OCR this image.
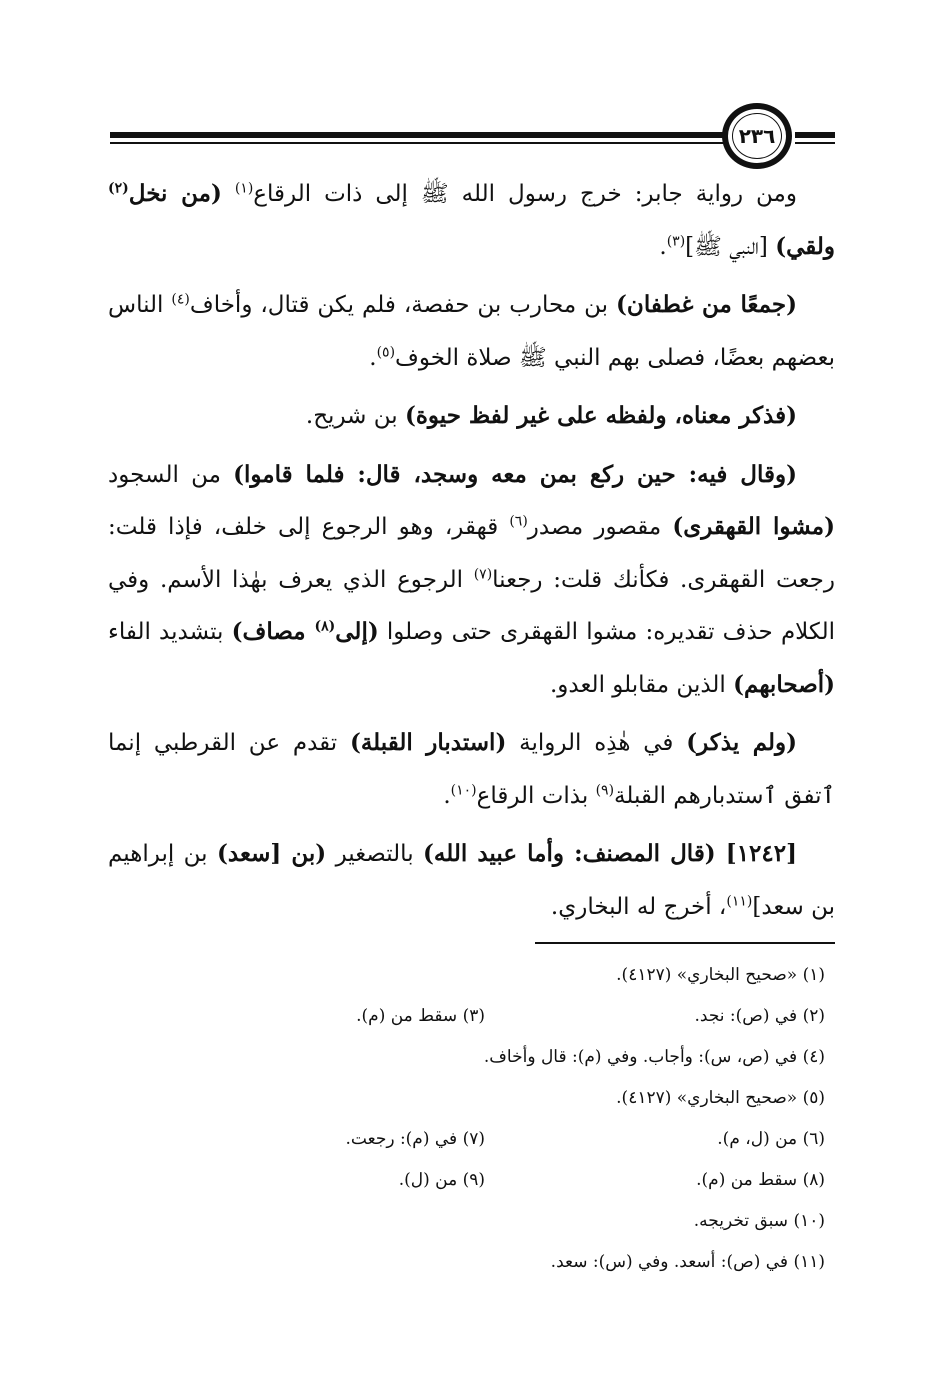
٢٣٦

ومن رواية جابر: خرج رسول الله ﷺ إلى ذات الرقاع$^{(١)}$ (من نخل$^{(٢)}$ ولقي) [النبي ﷺ]$^{(٣)}$.

(جمعًا من غطفان) بن محارب بن حفصة، فلم يكن قتال، وأخاف$^{(٤)}$ الناس بعضهم بعضًا، فصلى بهم النبي ﷺ صلاة الخوف$^{(٥)}$.

(فذكر معناه، ولفظه على غير لفظ حيوة) بن شريح.

(وقال فيه: حين ركع بمن معه وسجد، قال: فلما قاموا) من السجود (مشوا القهقرى) مقصور مصدر$^{(٦)}$ قهقر، وهو الرجوع إلى خلف، فإذا قلت: رجعت القهقرى. فكأنك قلت: رجعنا$^{(٧)}$ الرجوع الذي يعرف بهٰذا الأسم. وفي الكلام حذف تقديره: مشوا القهقرى حتى وصلوا (إلى$^{(٨)}$ مصاف) بتشديد الفاء (أصحابهم) الذين مقابلو العدو.

(ولم يذكر) في هٰذِه الرواية (استدبار القبلة) تقدم عن القرطبي إنما ٱتفق ٱستدبارهم القبلة$^{(٩)}$ بذات الرقاع$^{(١٠)}$.

[١٢٤٢] (قال المصنف: وأما عبيد الله) بالتصغير (بن [سعد) بن إبراهيم بن سعد]$^{(١١)}$، أخرج له البخاري.

(١) «صحيح البخاري» (٤١٢٧).
(٢) في (ص): نجد.
(٣) سقط من (م).
(٤) في (ص، س): وأجاب. وفي (م): قال وأخاف.
(٥) «صحيح البخاري» (٤١٢٧).
(٦) من (ل، م).
(٧) في (م): رجعت.
(٨) سقط من (م).
(٩) من (ل).
(١٠) سبق تخريجه.
(١١) في (ص): أسعد. وفي (س): سعد.
